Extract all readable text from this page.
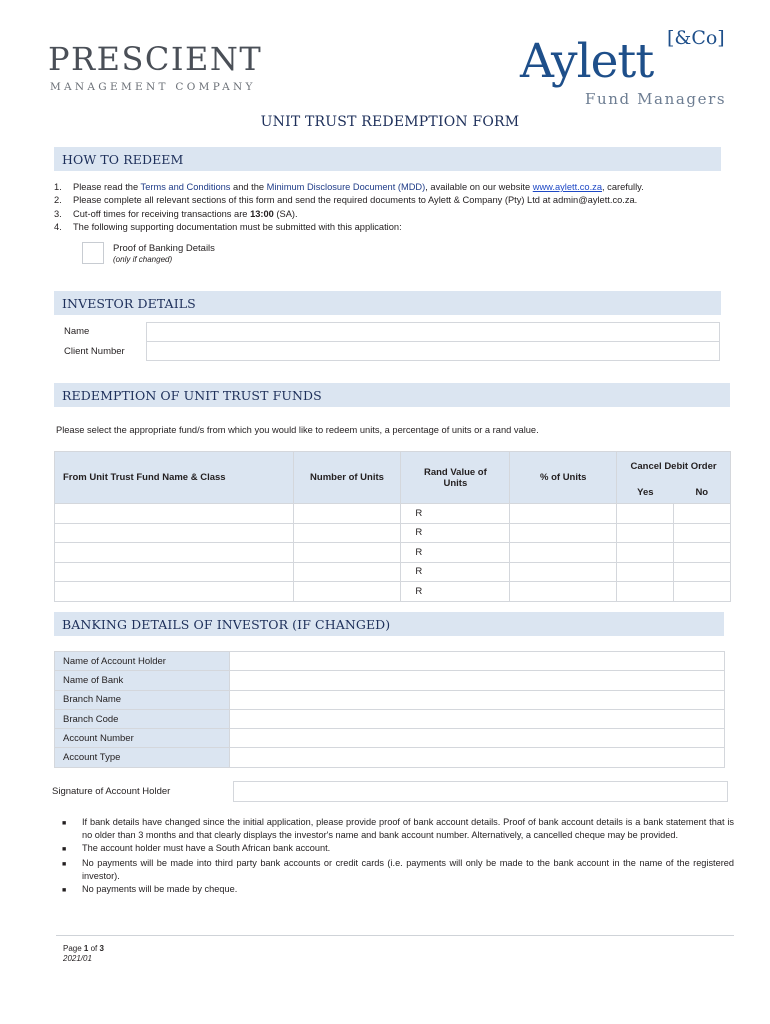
PRESCIENT
MANAGEMENT COMPANY	Aylett [&Co]
Fund Managers
UNIT TRUST REDEMPTION FORM
HOW TO REDEEM
1.	Please read the Terms and Conditions and the Minimum Disclosure Document (MDD), available on our website www.aylett.co.za, carefully.
2.	Please complete all relevant sections of this form and send the required documents to Aylett & Company (Pty) Ltd at admin@aylett.co.za.
3.	Cut-off times for receiving transactions are 13:00 (SA).
4.	The following supporting documentation must be submitted with this application:
Proof of Banking Details
(only if changed)
INVESTOR DETAILS
Name
Client Number
REDEMPTION OF UNIT TRUST FUNDS
Please select the appropriate fund/s from which you would like to redeem units, a percentage of units or a rand value.
From Unit Trust Fund Name & Class	Number of Units	Rand Value of Units	% of Units	Cancel Debit Order	
				Yes	No
		R			
		R			
		R			
		R			
		R			
BANKING DETAILS OF INVESTOR (IF CHANGED)
Name of Account Holder	
Name of Bank	
Branch Name	
Branch Code	
Account Number	
Account Type	
Signature of Account Holder
■	If bank details have changed since the initial application, please provide proof of bank account details. Proof of bank account details is a bank statement that is no older than 3 months and that clearly displays the investor's name and bank account number. Alternatively, a cancelled cheque may be provided.
■	The account holder must have a South African bank account.
■	No payments will be made into third party bank accounts or credit cards (i.e. payments will only be made to the bank account in the name of the registered investor).
■	No payments will be made by cheque.
Page 1 of 3
2021/01
